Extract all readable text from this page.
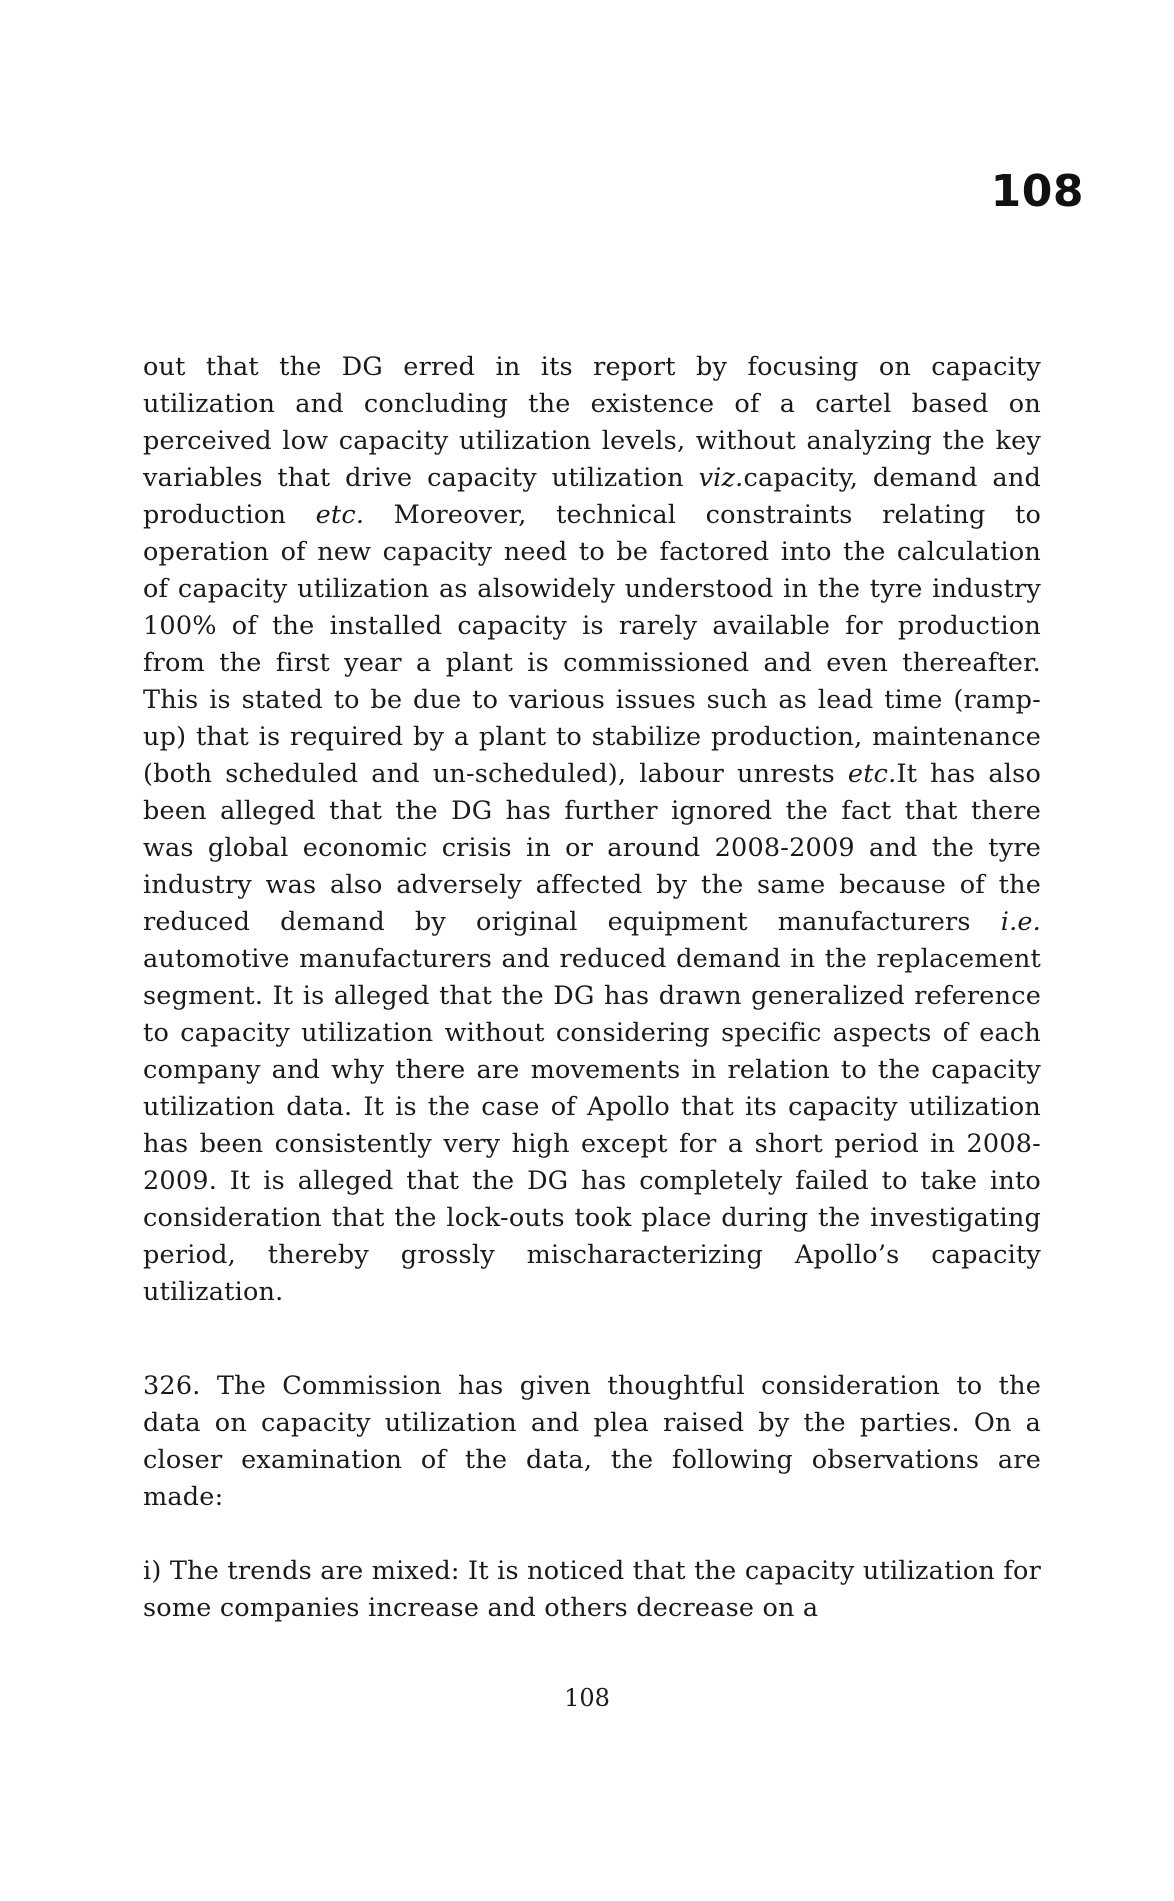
108

out that the DG erred in its report by focusing on capacity utilization and concluding the existence of a cartel based on perceived low capacity utilization levels, without analyzing the key variables that drive capacity utilization viz.capacity, demand and production etc. Moreover, technical constraints relating to operation of new capacity need to be factored into the calculation of capacity utilization as alsowidely understood in the tyre industry 100% of the installed capacity is rarely available for production from the first year a plant is commissioned and even thereafter. This is stated to be due to various issues such as lead time (ramp-up) that is required by a plant to stabilize production, maintenance (both scheduled and un-scheduled), labour unrests etc.It has also been alleged that the DG has further ignored the fact that there was global economic crisis in or around 2008-2009 and the tyre industry was also adversely affected by the same because of the reduced demand by original equipment manufacturers i.e. automotive manufacturers and reduced demand in the replacement segment. It is alleged that the DG has drawn generalized reference to capacity utilization without considering specific aspects of each company and why there are movements in relation to the capacity utilization data. It is the case of Apollo that its capacity utilization has been consistently very high except for a short period in 2008-2009. It is alleged that the DG has completely failed to take into consideration that the lock-outs took place during the investigating period, thereby grossly mischaracterizing Apollo’s capacity utilization.

326. The Commission has given thoughtful consideration to the data on capacity utilization and plea raised by the parties. On a closer examination of the data, the following observations are made:

i) The trends are mixed: It is noticed that the capacity utilization for some companies increase and others decrease on a

108
